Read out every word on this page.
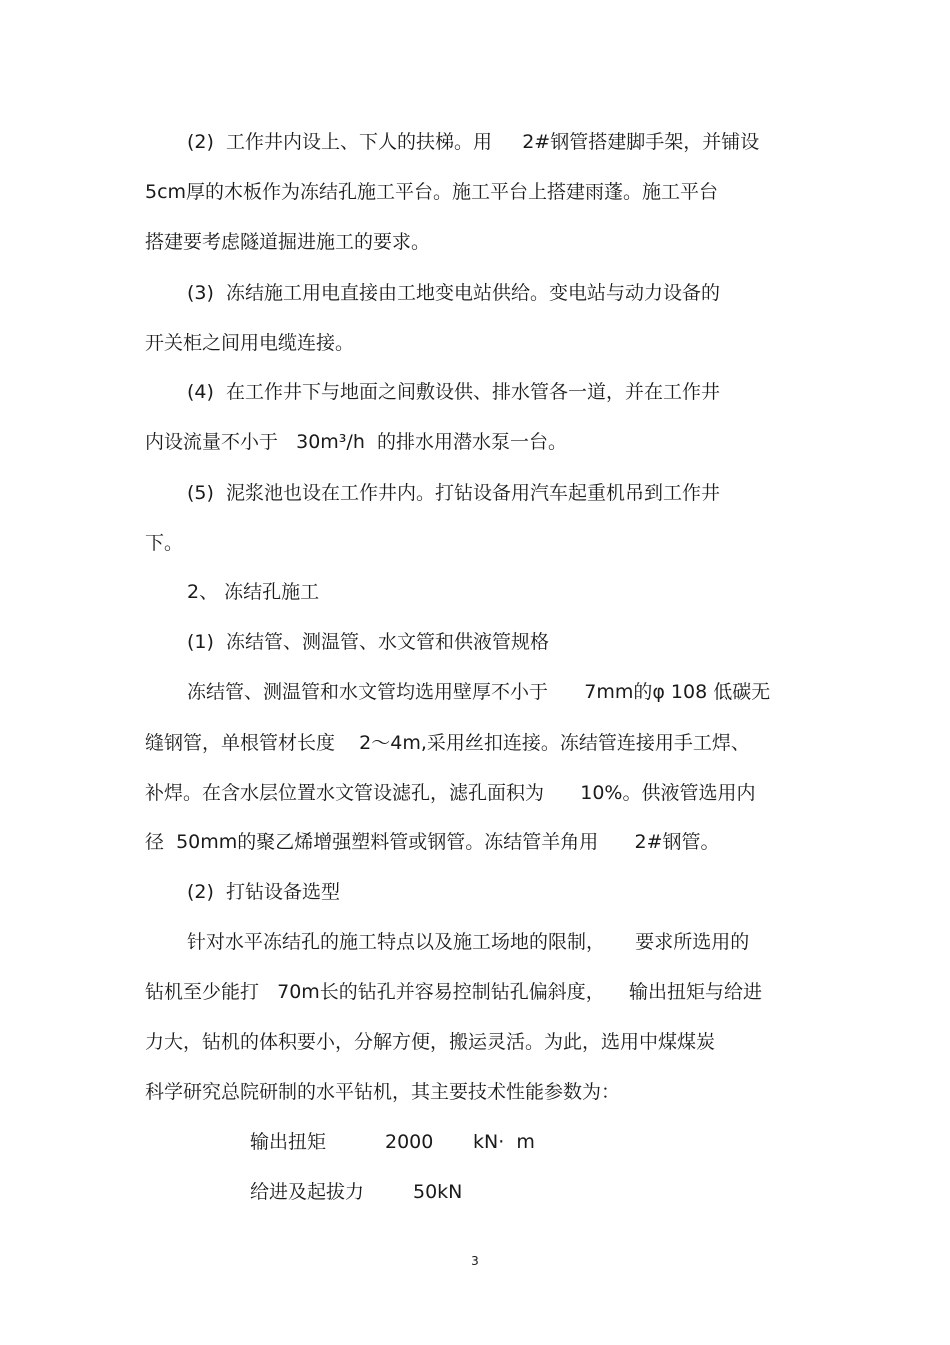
(2)  工作井内设上、下人的扶梯。用     2#钢管搭建脚手架，并铺设
5cm厚的木板作为冻结孔施工平台。施工平台上搭建雨蓬。施工平台
搭建要考虑隧道掘进施工的要求。
(3)  冻结施工用电直接由工地变电站供给。变电站与动力设备的
开关柜之间用电缆连接。
(4)  在工作井下与地面之间敷设供、排水管各一道，并在工作井
内设流量不小于   30m³/h  的排水用潜水泵一台。
(5)  泥浆池也设在工作井内。打钻设备用汽车起重机吊到工作井
下。
2、 冻结孔施工
(1)  冻结管、测温管、水文管和供液管规格
冻结管、测温管和水文管均选用壁厚不小于      7mm的φ 108 低碳无
缝钢管，单根管材长度    2～4m,采用丝扣连接。冻结管连接用手工焊、
补焊。在含水层位置水文管设滤孔，滤孔面积为      10%。供液管选用内
径  50mm的聚乙烯增强塑料管或钢管。冻结管羊角用      2#钢管。
(2)  打钻设备选型
针对水平冻结孔的施工特点以及施工场地的限制，     要求所选用的
钻机至少能打   70m长的钻孔并容易控制钻孔偏斜度，    输出扭矩与给进
力大，钻机的体积要小，分解方便，搬运灵活。为此，选用中煤煤炭
科学研究总院研制的水平钻机，其主要技术性能参数为：
输出扭矩	2000 kN·  m
给进及起拔力	50kN
3
